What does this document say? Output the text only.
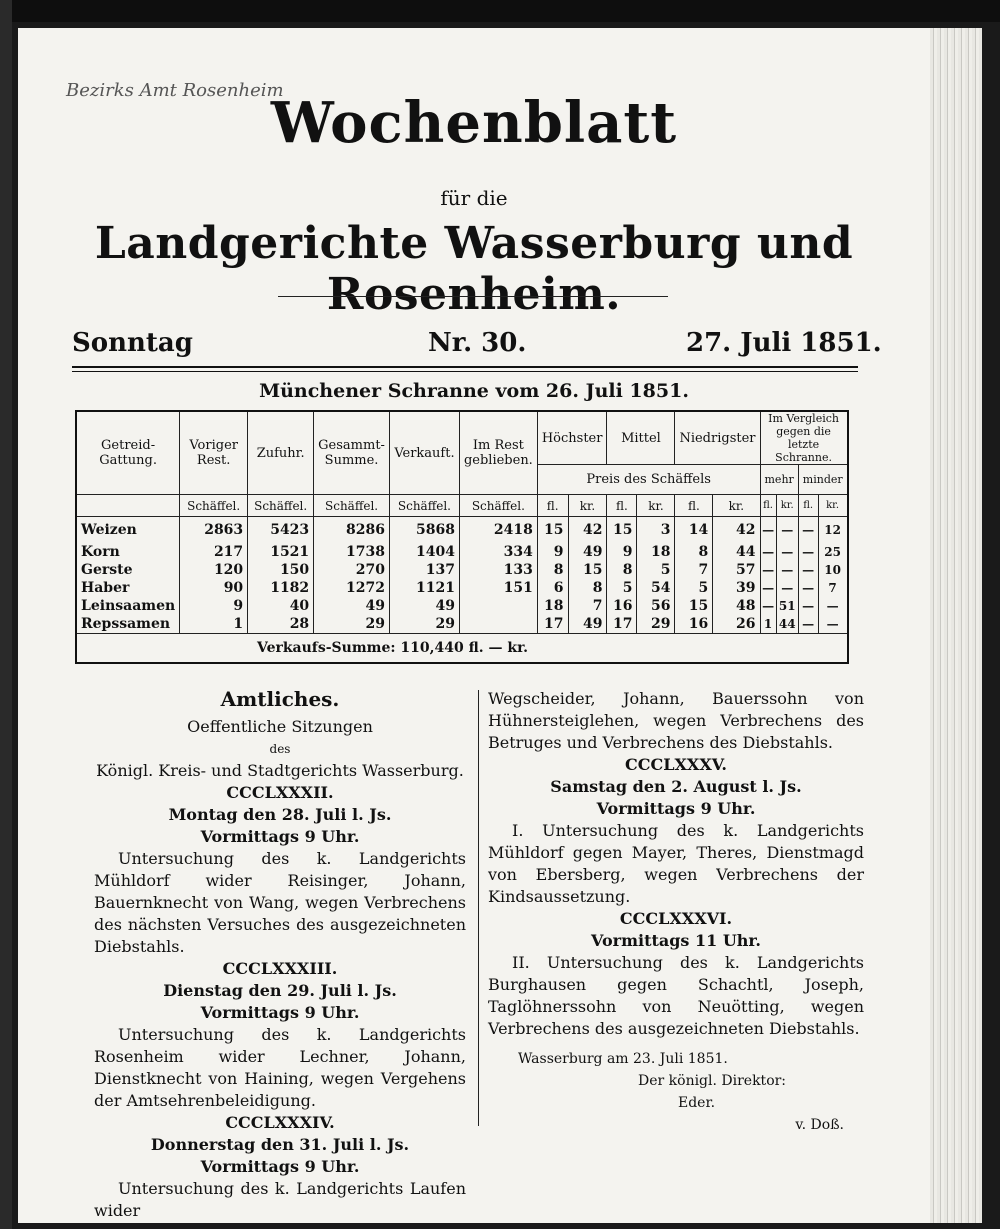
Bezirks Amt Rosenheim
Wochenblatt
für die
Landgerichte Wasserburg und Rosenheim.
Sonntag	Nr. 30.	27. Juli 1851.
Münchener Schranne vom 26. Juli 1851.
Getreid-Gattung.	Voriger Rest.	Zufuhr.	Gesammt-Summe.	Verkauft.	Im Rest geblieben.	Höchster		Mittel		Niedrigster		Im Vergleich gegen die letzte Schranne.			
						Preis des Schäffels						mehr		minder	
	Schäffel.	Schäffel.	Schäffel.	Schäffel.	Schäffel.	fl.	kr.	fl.	kr.	fl.	kr.	fl.	kr.	fl.	kr.
Weizen	2863	5423	8286	5868	2418	15	42	15	3	14	42	—	—	—	12
Korn	217	1521	1738	1404	334	9	49	9	18	8	44	—	—	—	25
Gerste	120	150	270	137	133	8	15	8	5	7	57	—	—	—	10
Haber	90	1182	1272	1121	151	6	8	5	54	5	39	—	—	—	7
Leinsaamen	9	40	49	49		18	7	16	56	15	48	—	51	—	—
Repssamen	1	28	29	29		17	49	17	29	16	26	1	44	—	—
Verkaufs-Summe: 110,440 fl. — kr.															
Amtliches.
Oeffentliche Sitzungen
des
Königl. Kreis- und Stadtgerichts Wasserburg.
CCCLXXXII.
Montag den 28. Juli l. Js.
Vormittags 9 Uhr.

Untersuchung des k. Landgerichts Mühldorf wider Reisinger, Johann, Bauernknecht von Wang, wegen Verbrechens des nächsten Versuches des ausgezeichneten Diebstahls.

CCCLXXXIII.
Dienstag den 29. Juli l. Js.
Vormittags 9 Uhr.

Untersuchung des k. Landgerichts Rosenheim wider Lechner, Johann, Dienstknecht von Haining, wegen Vergehens der Amtsehrenbeleidigung.

CCCLXXXIV.
Donnerstag den 31. Juli l. Js.
Vormittags 9 Uhr.

Untersuchung des k. Landgerichts Laufen wider

Wegscheider, Johann, Bauerssohn von Hühnersteiglehen, wegen Verbrechens des Betruges und Verbrechens des Diebstahls.

CCCLXXXV.
Samstag den 2. August l. Js.
Vormittags 9 Uhr.

I. Untersuchung des k. Landgerichts Mühldorf gegen Mayer, Theres, Dienstmagd von Ebersberg, wegen Verbrechens der Kindsaussetzung.

CCCLXXXVI.
Vormittags 11 Uhr.

II. Untersuchung des k. Landgerichts Burghausen gegen Schachtl, Joseph, Taglöhnerssohn von Neuötting, wegen Verbrechens des ausgezeichneten Diebstahls.

Wasserburg am 23. Juli 1851.
Der königl. Direktor:
Eder.
v. Doß.
